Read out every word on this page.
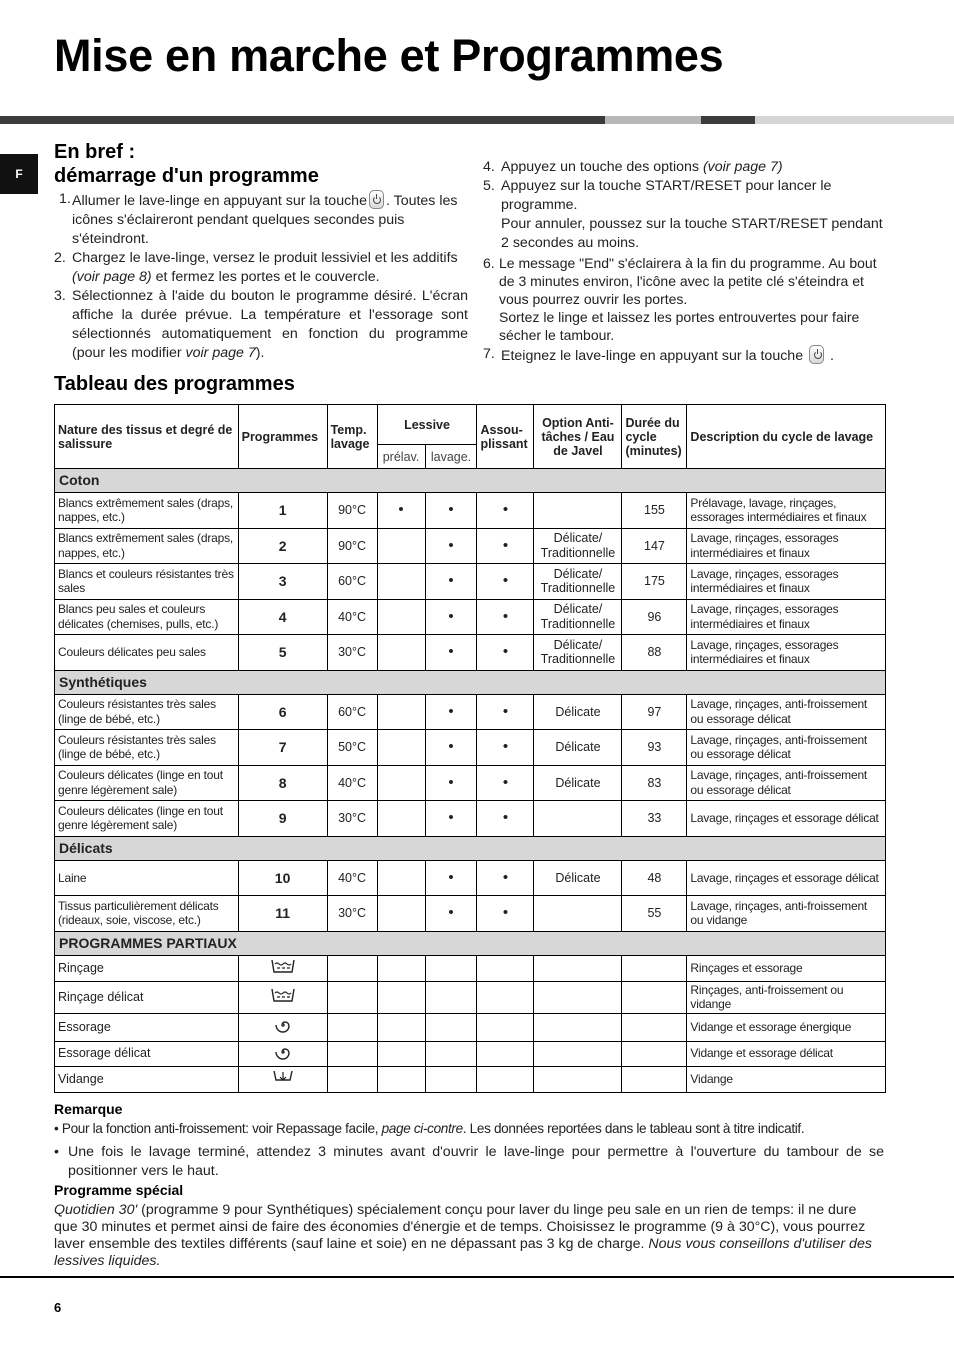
Mise en marche et Programmes
F
En bref :
démarrage d'un programme
1. Allumer le lave-linge en appuyant sur la touche . Toutes les icônes s'éclaireront pendant quelques secondes puis s'éteindront.
2. Chargez le lave-linge, versez le produit lessiviel et les additifs (voir page 8) et fermez les portes et le couvercle.
3. Sélectionnez à l'aide du bouton le programme désiré. L'écran affiche la durée prévue. La température et l'essorage sont sélectionnés automatiquement en fonction du programme (pour les modifier voir page 7).
4. Appuyez un touche des options (voir page 7)
5. Appuyez sur la touche START/RESET pour lancer le programme.
Pour annuler, poussez sur la touche START/RESET pendant 2 secondes au moins.
6. Le message "End" s'éclairera à la fin du programme. Au bout de 3 minutes environ, l'icône avec la petite clé s'éteindra et vous pourrez ouvrir les portes.
Sortez le linge et laissez les portes entrouvertes pour faire sécher le tambour.
7. Eteignez le lave-linge en appuyant sur la touche .
Tableau des programmes
Nature des tissus et degré de salissure	Programmes	Temp. lavage	Lessive		Assou- plissant	Option Anti- tâches / Eau de Javel	Durée du cycle (minutes)	Description du cycle de lavage
			prélav.	lavage.				
Coton								
Blancs extrêmement sales (draps, nappes, etc.)	1	90°C	•	•	•		155	Prélavage, lavage, rinçages, essorages intermédiaires et finaux
Blancs extrêmement sales (draps, nappes, etc.)	2	90°C		•	•	Délicate/ Traditionnelle	147	Lavage, rinçages, essorages intermédiaires et finaux
Blancs et couleurs résistantes très sales	3	60°C		•	•	Délicate/ Traditionnelle	175	Lavage, rinçages, essorages intermédiaires et finaux
Blancs peu sales et couleurs délicates (chemises, pulls, etc.)	4	40°C		•	•	Délicate/ Traditionnelle	96	Lavage, rinçages, essorages intermédiaires et finaux
Couleurs délicates peu sales	5	30°C		•	•	Délicate/ Traditionnelle	88	Lavage, rinçages, essorages intermédiaires et finaux
Synthétiques								
Couleurs résistantes très sales (linge de bébé, etc.)	6	60°C		•	•	Délicate	97	Lavage, rinçages, anti-froissement ou essorage délicat
Couleurs résistantes très sales (linge de bébé, etc.)	7	50°C		•	•	Délicate	93	Lavage, rinçages, anti-froissement ou essorage délicat
Couleurs délicates (linge en tout genre légèrement sale)	8	40°C		•	•	Délicate	83	Lavage, rinçages, anti-froissement ou essorage délicat
Couleurs délicates (linge en tout genre légèrement sale)	9	30°C		•	•		33	Lavage, rinçages et essorage délicat
Délicats								
Laine	10	40°C		•	•	Délicate	48	Lavage, rinçages et essorage délicat
Tissus particulièrement délicats (rideaux, soie, viscose, etc.)	11	30°C		•	•		55	Lavage, rinçages, anti-froissement ou vidange
PROGRAMMES PARTIAUX								
Rinçage								Rinçages et essorage
Rinçage délicat								Rinçages, anti-froissement ou vidange
Essorage								Vidange et essorage énergique
Essorage délicat								Vidange et essorage délicat
Vidange								Vidange
Remarque
• Pour la fonction anti-froissement: voir Repassage facile, page ci-contre. Les données reportées dans le tableau sont à titre indicatif.
• Une fois le lavage terminé, attendez 3 minutes avant d'ouvrir le lave-linge pour permettre à l'ouverture du tambour de se positionner vers le haut.
Programme spécial
Quotidien 30' (programme 9 pour Synthétiques) spécialement conçu pour laver du linge peu sale en un rien de temps: il ne dure que 30 minutes et permet ainsi de faire des économies d'énergie et de temps. Choisissez le programme (9 à 30°C), vous pourrez laver ensemble des textiles différents (sauf laine et soie) en ne dépassant pas 3 kg de charge. Nous vous conseillons d'utiliser des lessives liquides.
6
